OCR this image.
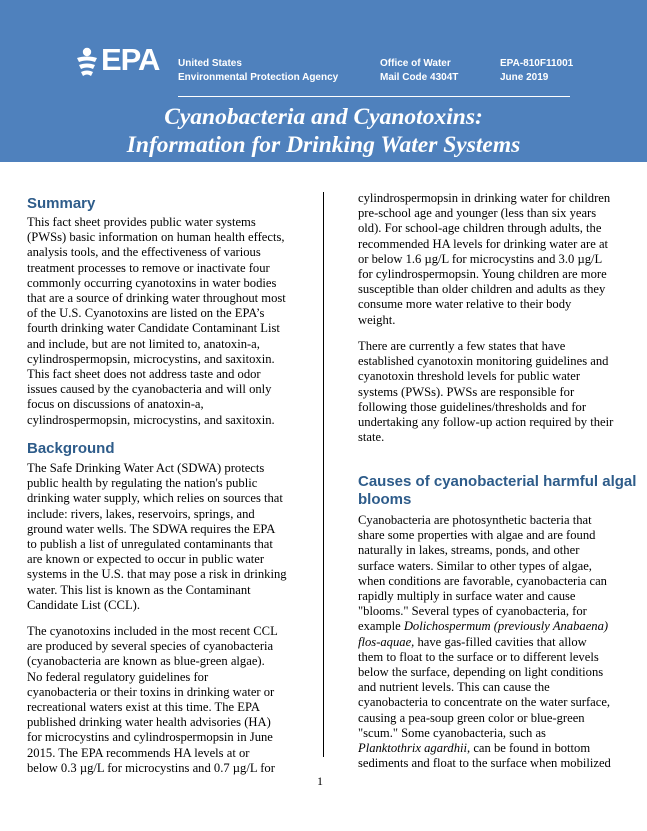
EPA United States
Environmental Protection Agency
Office of Water
Mail Code 4304T
EPA-810F11001
June 2019
Cyanobacteria and Cyanotoxins:
Information for Drinking Water Systems
Summary
This fact sheet provides public water systems
(PWSs) basic information on human health effects,
analysis tools, and the effectiveness of various
treatment processes to remove or inactivate four
commonly occurring cyanotoxins in water bodies
that are a source of drinking water throughout most
of the U.S. Cyanotoxins are listed on the EPA’s
fourth drinking water Candidate Contaminant List
and include, but are not limited to, anatoxin-a,
cylindrospermopsin, microcystins, and saxitoxin.
This fact sheet does not address taste and odor
issues caused by the cyanobacteria and will only
focus on discussions of anatoxin-a,
cylindrospermopsin, microcystins, and saxitoxin.
Background
The Safe Drinking Water Act (SDWA) protects
public health by regulating the nation's public
drinking water supply, which relies on sources that
include: rivers, lakes, reservoirs, springs, and
ground water wells. The SDWA requires the EPA
to publish a list of unregulated contaminants that
are known or expected to occur in public water
systems in the U.S. that may pose a risk in drinking
water. This list is known as the Contaminant
Candidate List (CCL).
The cyanotoxins included in the most recent CCL
are produced by several species of cyanobacteria
(cyanobacteria are known as blue-green algae).
No federal regulatory guidelines for
cyanobacteria or their toxins in drinking water or
recreational waters exist at this time. The EPA
published drinking water health advisories (HA)
for microcystins and cylindrospermopsin in June
2015. The EPA recommends HA levels at or
below 0.3 µg/L for microcystins and 0.7 µg/L for
cylindrospermopsin in drinking water for children
pre-school age and younger (less than six years
old). For school-age children through adults, the
recommended HA levels for drinking water are at
or below 1.6 µg/L for microcystins and 3.0 µg/L
for cylindrospermopsin. Young children are more
susceptible than older children and adults as they
consume more water relative to their body
weight.
There are currently a few states that have
established cyanotoxin monitoring guidelines and
cyanotoxin threshold levels for public water
systems (PWSs). PWSs are responsible for
following those guidelines/thresholds and for
undertaking any follow-up action required by their
state.
Causes of cyanobacterial harmful algal
blooms
Cyanobacteria are photosynthetic bacteria that
share some properties with algae and are found
naturally in lakes, streams, ponds, and other
surface waters. Similar to other types of algae,
when conditions are favorable, cyanobacteria can
rapidly multiply in surface water and cause
"blooms." Several types of cyanobacteria, for
example Dolichospermum (previously Anabaena)
flos-aquae, have gas-filled cavities that allow
them to float to the surface or to different levels
below the surface, depending on light conditions
and nutrient levels. This can cause the
cyanobacteria to concentrate on the water surface,
causing a pea-soup green color or blue-green
"scum." Some cyanobacteria, such as
Planktothrix agardhii, can be found in bottom
sediments and float to the surface when mobilized
1
